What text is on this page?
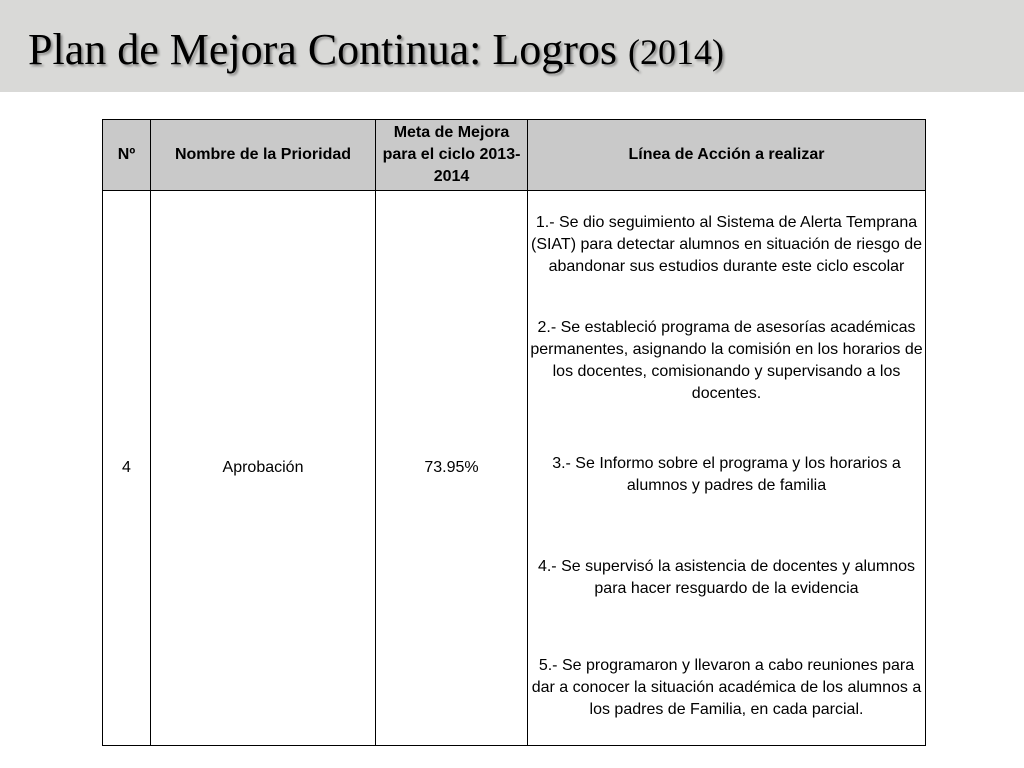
Plan de Mejora Continua: Logros (2014)
Nº	Nombre de la Prioridad	Meta de Mejora para el ciclo 2013-2014	Línea de Acción a realizar
4	Aprobación	73.95%	1.- Se dio seguimiento al Sistema de Alerta Temprana (SIAT) para detectar alumnos en situación de riesgo de abandonar sus estudios durante este ciclo escolar
			2.- Se estableció programa de asesorías académicas permanentes, asignando la comisión en los horarios de los docentes, comisionando y supervisando a los docentes.
			3.- Se Informo sobre el programa y los horarios a alumnos y padres de familia
			4.- Se supervisó la asistencia de docentes y alumnos para hacer resguardo de la evidencia
			5.- Se programaron y llevaron a cabo reuniones para dar a conocer la situación académica de los alumnos a los padres de Familia, en cada parcial.
